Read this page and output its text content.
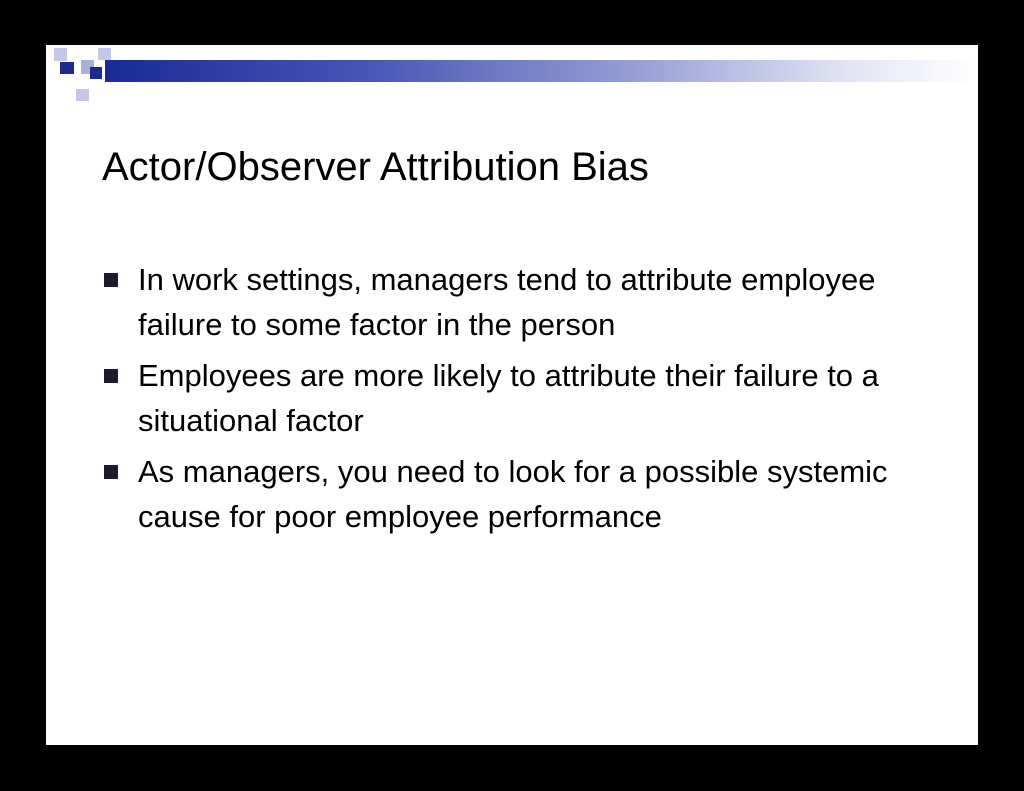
Actor/Observer Attribution Bias
In work settings, managers tend to attribute employee failure to some factor in the person
Employees are more likely to attribute their failure to a situational factor
As managers, you need to look for a possible systemic cause for poor employee performance
